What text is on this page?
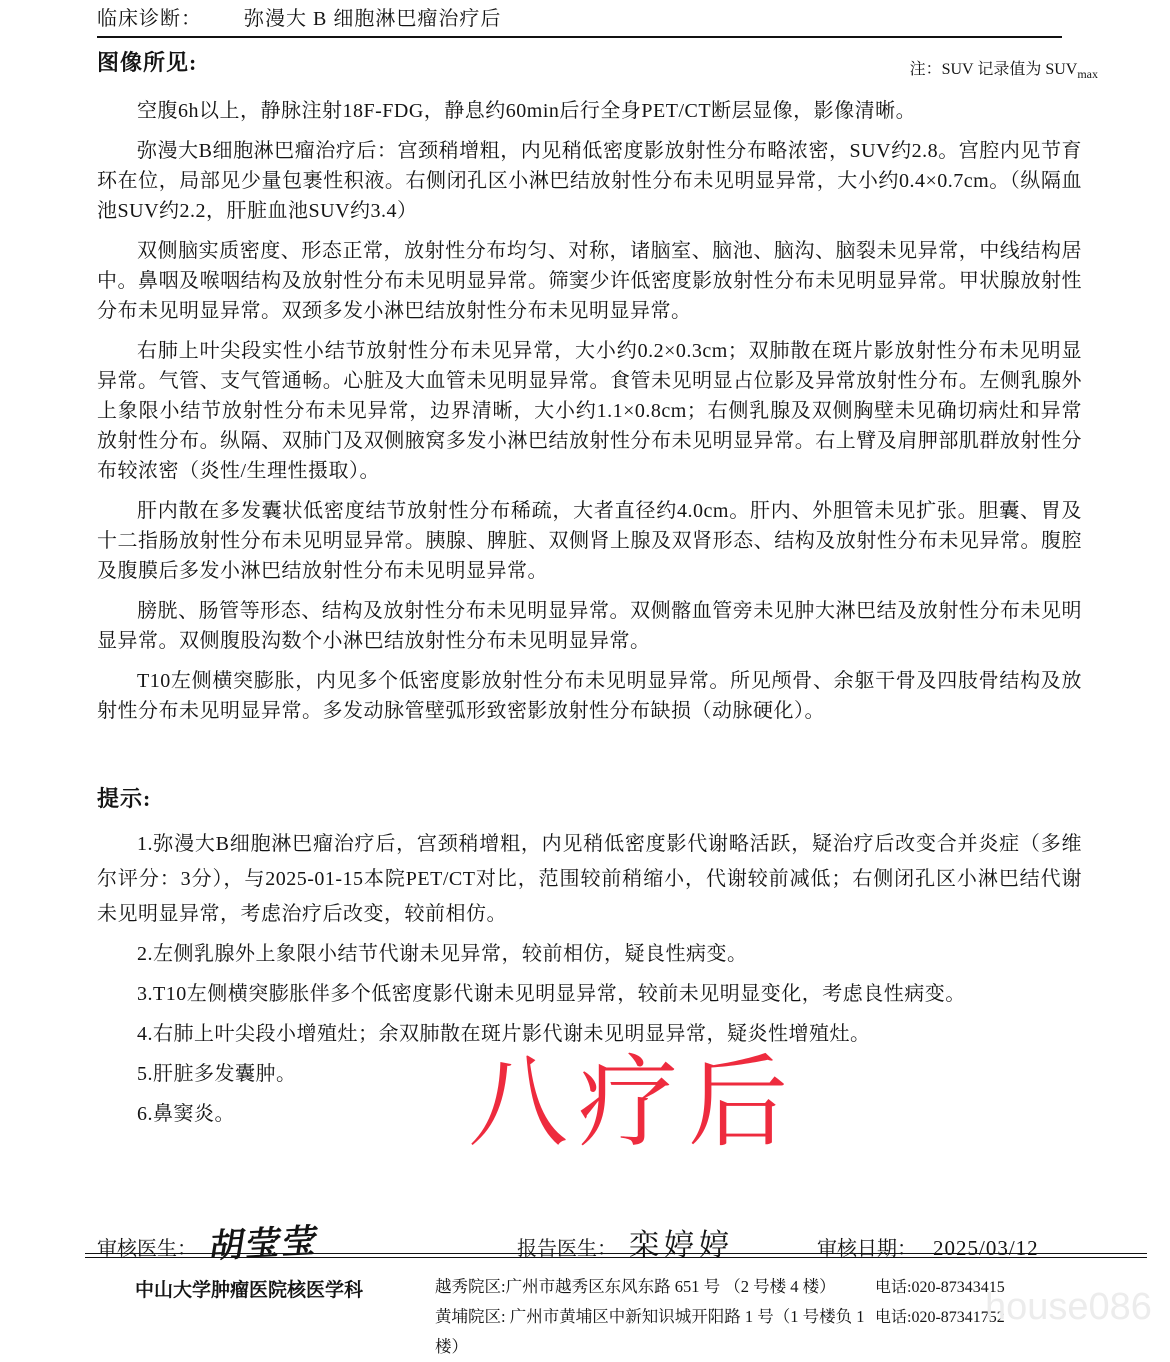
临床诊断： 弥漫大 B 细胞淋巴瘤治疗后
图像所见:	注：SUV 记录值为 $SUV_{max}$

空腹6h以上，静脉注射18F-FDG，静息约60min后行全身PET/CT断层显像，影像清晰。

弥漫大B细胞淋巴瘤治疗后：宫颈稍增粗，内见稍低密度影放射性分布略浓密，SUV约2.8。宫腔内见节育环在位，局部见少量包裹性积液。右侧闭孔区小淋巴结放射性分布未见明显异常，大小约0.4×0.7cm。（纵隔血池SUV约2.2，肝脏血池SUV约3.4）

双侧脑实质密度、形态正常，放射性分布均匀、对称，诸脑室、脑池、脑沟、脑裂未见异常，中线结构居中。鼻咽及喉咽结构及放射性分布未见明显异常。筛窦少许低密度影放射性分布未见明显异常。甲状腺放射性分布未见明显异常。双颈多发小淋巴结放射性分布未见明显异常。

右肺上叶尖段实性小结节放射性分布未见异常，大小约0.2×0.3cm；双肺散在斑片影放射性分布未见明显异常。气管、支气管通畅。心脏及大血管未见明显异常。食管未见明显占位影及异常放射性分布。左侧乳腺外上象限小结节放射性分布未见异常，边界清晰，大小约1.1×0.8cm；右侧乳腺及双侧胸壁未见确切病灶和异常放射性分布。纵隔、双肺门及双侧腋窝多发小淋巴结放射性分布未见明显异常。右上臂及肩胛部肌群放射性分布较浓密（炎性/生理性摄取）。

肝内散在多发囊状低密度结节放射性分布稀疏，大者直径约4.0cm。肝内、外胆管未见扩张。胆囊、胃及十二指肠放射性分布未见明显异常。胰腺、脾脏、双侧肾上腺及双肾形态、结构及放射性分布未见异常。腹腔及腹膜后多发小淋巴结放射性分布未见明显异常。

膀胱、肠管等形态、结构及放射性分布未见明显异常。双侧髂血管旁未见肿大淋巴结及放射性分布未见明显异常。双侧腹股沟数个小淋巴结放射性分布未见明显异常。

T10左侧横突膨胀，内见多个低密度影放射性分布未见明显异常。所见颅骨、余躯干骨及四肢骨结构及放射性分布未见明显异常。多发动脉管壁弧形致密影放射性分布缺损（动脉硬化）。

提示:

1.弥漫大B细胞淋巴瘤治疗后，宫颈稍增粗，内见稍低密度影代谢略活跃，疑治疗后改变合并炎症（多维尔评分：3分），与2025-01-15本院PET/CT对比，范围较前稍缩小，代谢较前减低；右侧闭孔区小淋巴结代谢未见明显异常，考虑治疗后改变，较前相仿。

2.左侧乳腺外上象限小结节代谢未见异常，较前相仿，疑良性病变。

3.T10左侧横突膨胀伴多个低密度影代谢未见明显异常，较前未见明显变化，考虑良性病变。

4.右肺上叶尖段小增殖灶；余双肺散在斑片影代谢未见明显异常，疑炎性增殖灶。

5.肝脏多发囊肿。

6.鼻窦炎。	八疗后
house086
审核医生： 胡莹莹	报告医生： 栾婷婷	审核日期： 2025/03/12
中山大学肿瘤医院核医学科	越秀院区:广州市越秀区东风东路 651 号 （2 号楼 4 楼）
黄埔院区: 广州市黄埔区中新知识城开阳路 1 号（1 号楼负 1 楼）
电话:020-87343415
电话:020-87341752
